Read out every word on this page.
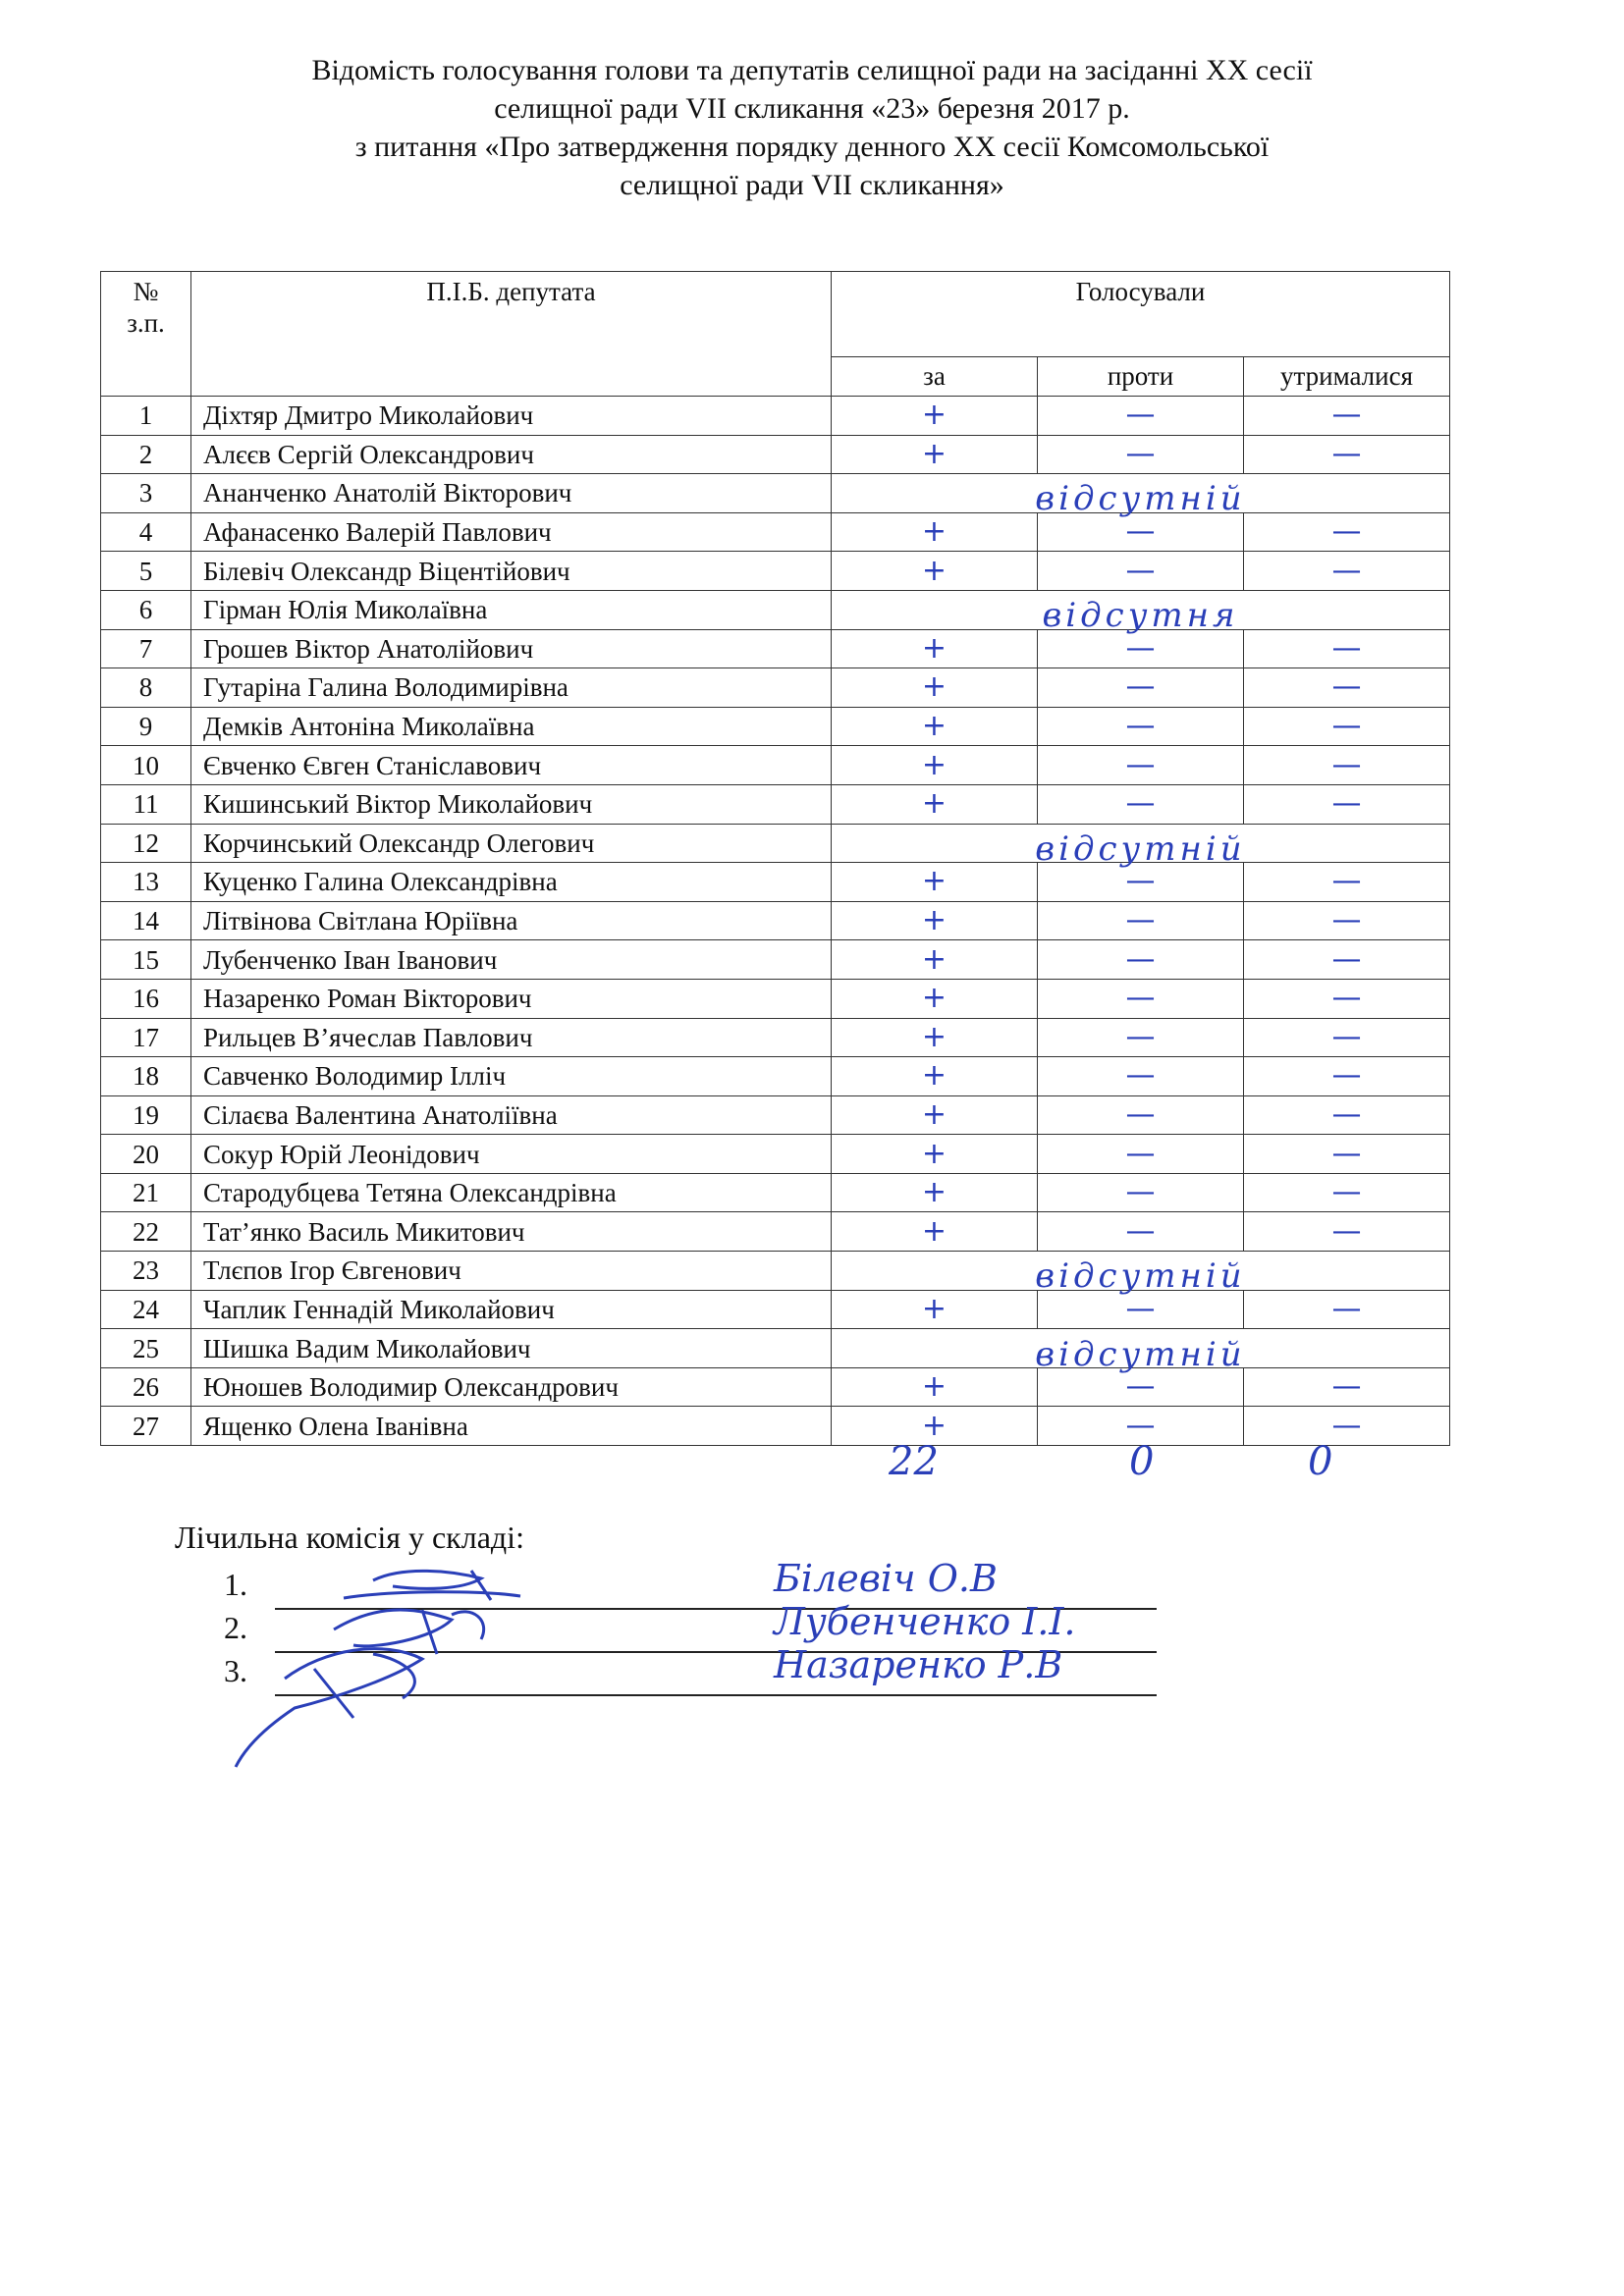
Відомість голосування голови та депутатів селищної ради на засіданні XX сесії
селищної ради VII скликання «23» березня 2017 р.
з питання «Про затвердження порядку денного XX сесії Комсомольської
селищної ради VII скликання»
№ з.п.	П.І.Б. депутата	Голосували		
		за	проти	утрималися
1	Діхтяр Дмитро Миколайович	+	—	—
2	Алєєв Сергій Олександрович	+	—	—
3	Ананченко Анатолій Вікторович	відсутній		
4	Афанасенко Валерій Павлович	+	—	—
5	Білевіч Олександр Віцентійович	+	—	—
6	Гірман Юлія Миколаївна	відсутня		
7	Грошев Віктор Анатолійович	+	—	—
8	Гутаріна Галина Володимирівна	+	—	—
9	Демків Антоніна Миколаївна	+	—	—
10	Євченко Євген Станіславович	+	—	—
11	Кишинський Віктор Миколайович	+	—	—
12	Корчинський Олександр Олегович	відсутній		
13	Куценко Галина Олександрівна	+	—	—
14	Літвінова Світлана Юріївна	+	—	—
15	Лубенченко Іван Іванович	+	—	—
16	Назаренко Роман Вікторович	+	—	—
17	Рильцев В’ячеслав Павлович	+	—	—
18	Савченко Володимир Ілліч	+	—	—
19	Сілаєва Валентина Анатоліївна	+	—	—
20	Сокур Юрій Леонідович	+	—	—
21	Стародубцева Тетяна Олександрівна	+	—	—
22	Тат’янко Василь Микитович	+	—	—
23	Тлєпов Ігор Євгенович	відсутній		
24	Чаплик Геннадій Миколайович	+	—	—
25	Шишка Вадим Миколайович	відсутній		
26	Юношев Володимир Олександрович	+	—	—
27	Ященко Олена Іванівна	+	—	—
22	0	0
Лічильна комісія у складі:
1.	Білевіч О.В
2.	Лубенченко І.І.
3.	Назаренко Р.В
